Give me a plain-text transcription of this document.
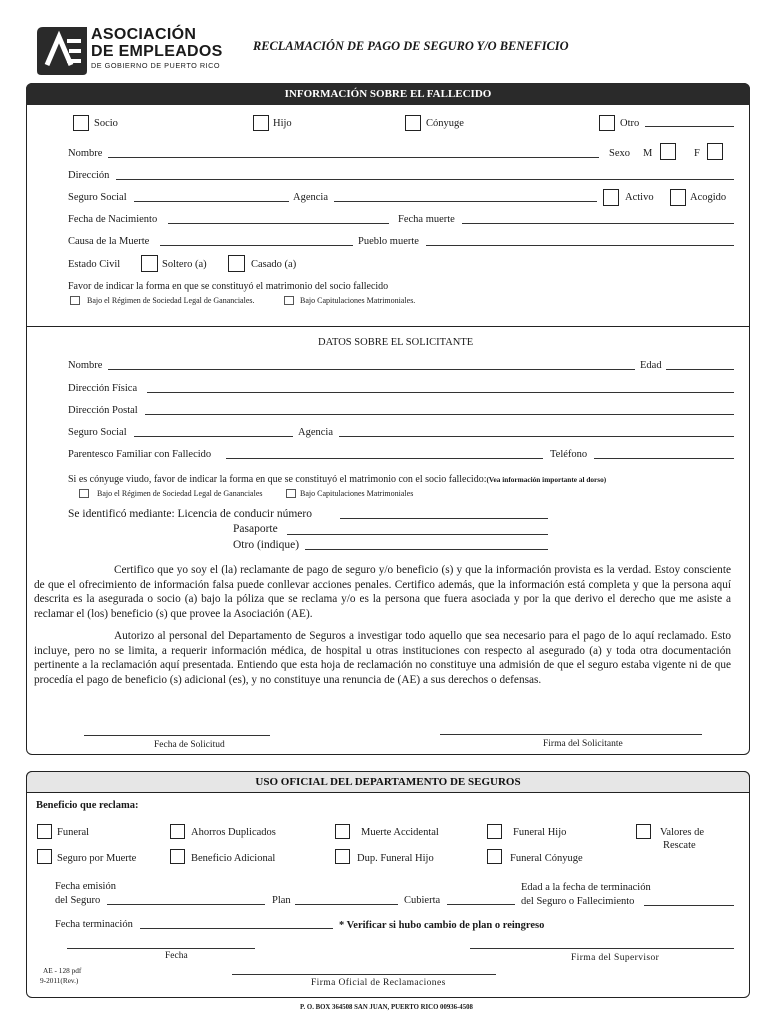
ASOCIACIÓN
DE EMPLEADOS
DE GOBIERNO DE PUERTO RICO
RECLAMACIÓN DE PAGO DE SEGURO Y/O BENEFICIO
INFORMACIÓN SOBRE EL FALLECIDO
Socio	Hijo	Cónyuge	Otro
Nombre	Sexo M	F
Dirección
Seguro Social	Agencia	Activo	Acogido
Fecha de Nacimiento	Fecha muerte
Causa de la Muerte	Pueblo muerte
Estado Civil	Soltero (a)	Casado (a)
Favor de indicar la forma en que se constituyó el matrimonio del socio fallecido
Bajo el Régimen de Sociedad Legal de Gananciales.	Bajo Capitulaciones Matrimoniales.
DATOS SOBRE EL SOLICITANTE
Nombre	Edad
Dirección Física
Dirección Postal
Seguro Social	Agencia
Parentesco Familiar con Fallecido	Teléfono
Si es cónyuge viudo, favor de indicar la forma en que se constituyó el matrimonio con el socio fallecido:(Vea información importante al dorso)
Bajo el Régimen de Sociedad Legal de Gananciales	Bajo Capitulaciones Matrimoniales
Se identificó mediante: Licencia de conducir número
Pasaporte
Otro (indique)
Certifico que yo soy el (la) reclamante de pago de seguro y/o beneficio (s) y que la información provista es la verdad. Estoy consciente de que el ofrecimiento de información falsa puede conllevar acciones penales. Certifico además, que la información está completa y que la persona aquí descrita es la asegurada o socio (a) bajo la póliza que se reclama y/o es la persona que fuera asociada y por la que derivo el derecho que me asiste a reclamar el (los) beneficio (s) que provee la Asociación (AE).
Autorizo al personal del Departamento de Seguros a investigar todo aquello que sea necesario para el pago de lo aquí reclamado. Esto incluye, pero no se limita, a requerir información médica, de hospital u otras instituciones con respecto al asegurado (a) y toda otra documentación pertinente a la reclamación aquí presentada. Entiendo que esta hoja de reclamación no constituye una admisión de que el seguro estaba vigente ni de que procedía el pago de beneficio (s) adicional (es), y no constituye una renuncia de (AE) a sus derechos o defensas.
Fecha de Solicitud	Firma del Solicitante
USO OFICIAL DEL DEPARTAMENTO DE SEGUROS
Beneficio que reclama:
Funeral	Ahorros Duplicados	Muerte Accidental	Funeral Hijo	Valores de
Rescate
Seguro por Muerte	Beneficio Adicional	Dup. Funeral Hijo	Funeral Cónyuge
Fecha emisión
del Seguro	Plan	Cubierta
Edad a la fecha de terminación
del Seguro o Fallecimiento
Fecha terminación	* Verificar si hubo cambio de plan o reingreso
Fecha	Firma del Supervisor
AE - 128 pdf
9-2011(Rev.)	Firma Oficial de Reclamaciones
P. O. BOX 364508 SAN JUAN, PUERTO RICO 00936-4508
